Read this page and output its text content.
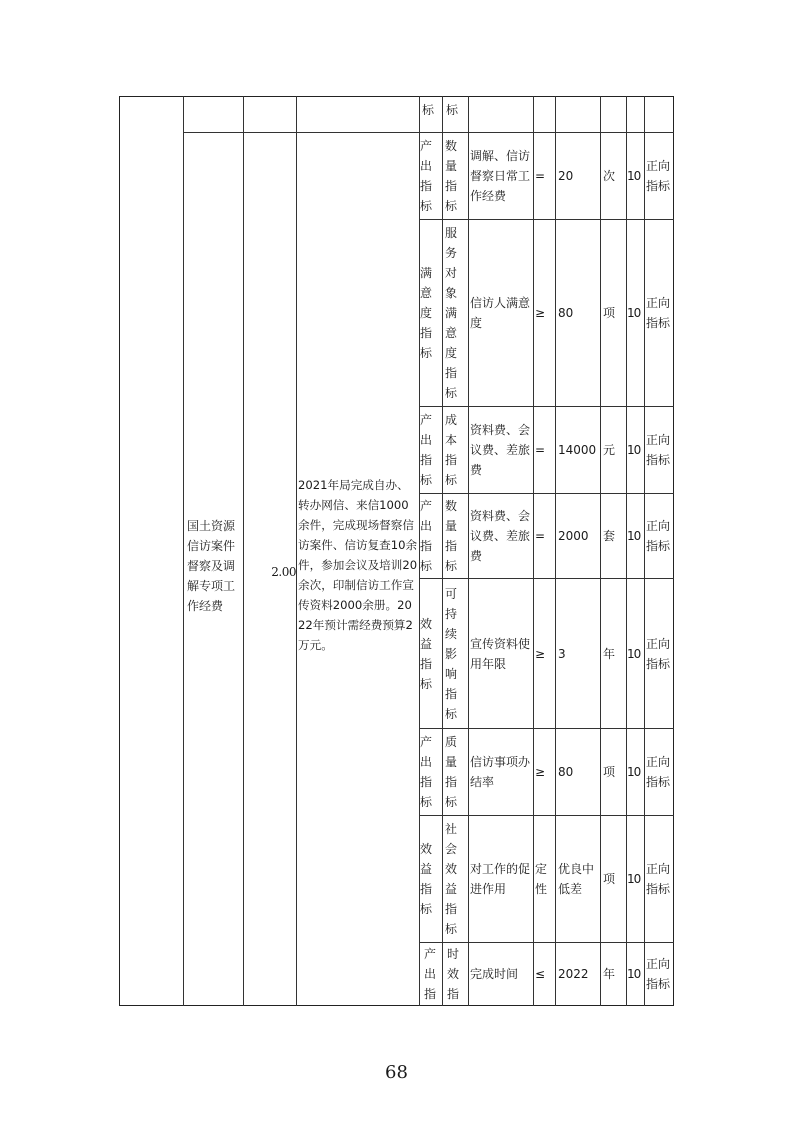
标 标
国土资源信访案件督察及调解专项工作经费
2.00
2021年局完成自办、转办网信、来信1000余件，完成现场督察信访案件、信访复查10余件，参加会议及培训20余次，印制信访工作宣传资料2000余册。2022年预计需经费预算2万元。
产出指标
数量指标
调解、信访督察日常工作经费
= 20 次 10
正向指标
满意度指标
服务对象满意度指标
信访人满意度
≥ 80 项 10
正向指标
产出指标
成本指标
资料费、会议费、差旅费
= 14000 元 10
正向指标
产出指标
数量指标
资料费、会议费、差旅费
= 2000 套 10
正向指标
效益指标
可持续影响指标
宣传资料使用年限
≥ 3	年 10
正向指标
产出指标
质量指标
信访事项办结率
≥ 80 项 10
正向指标
效益指标
社会效益指标
对工作的促进作用
定性
优良中低差
项 10
正向指标
产出指
时效指
完成时间 ≤ 2022 年 10
正向指标
68
